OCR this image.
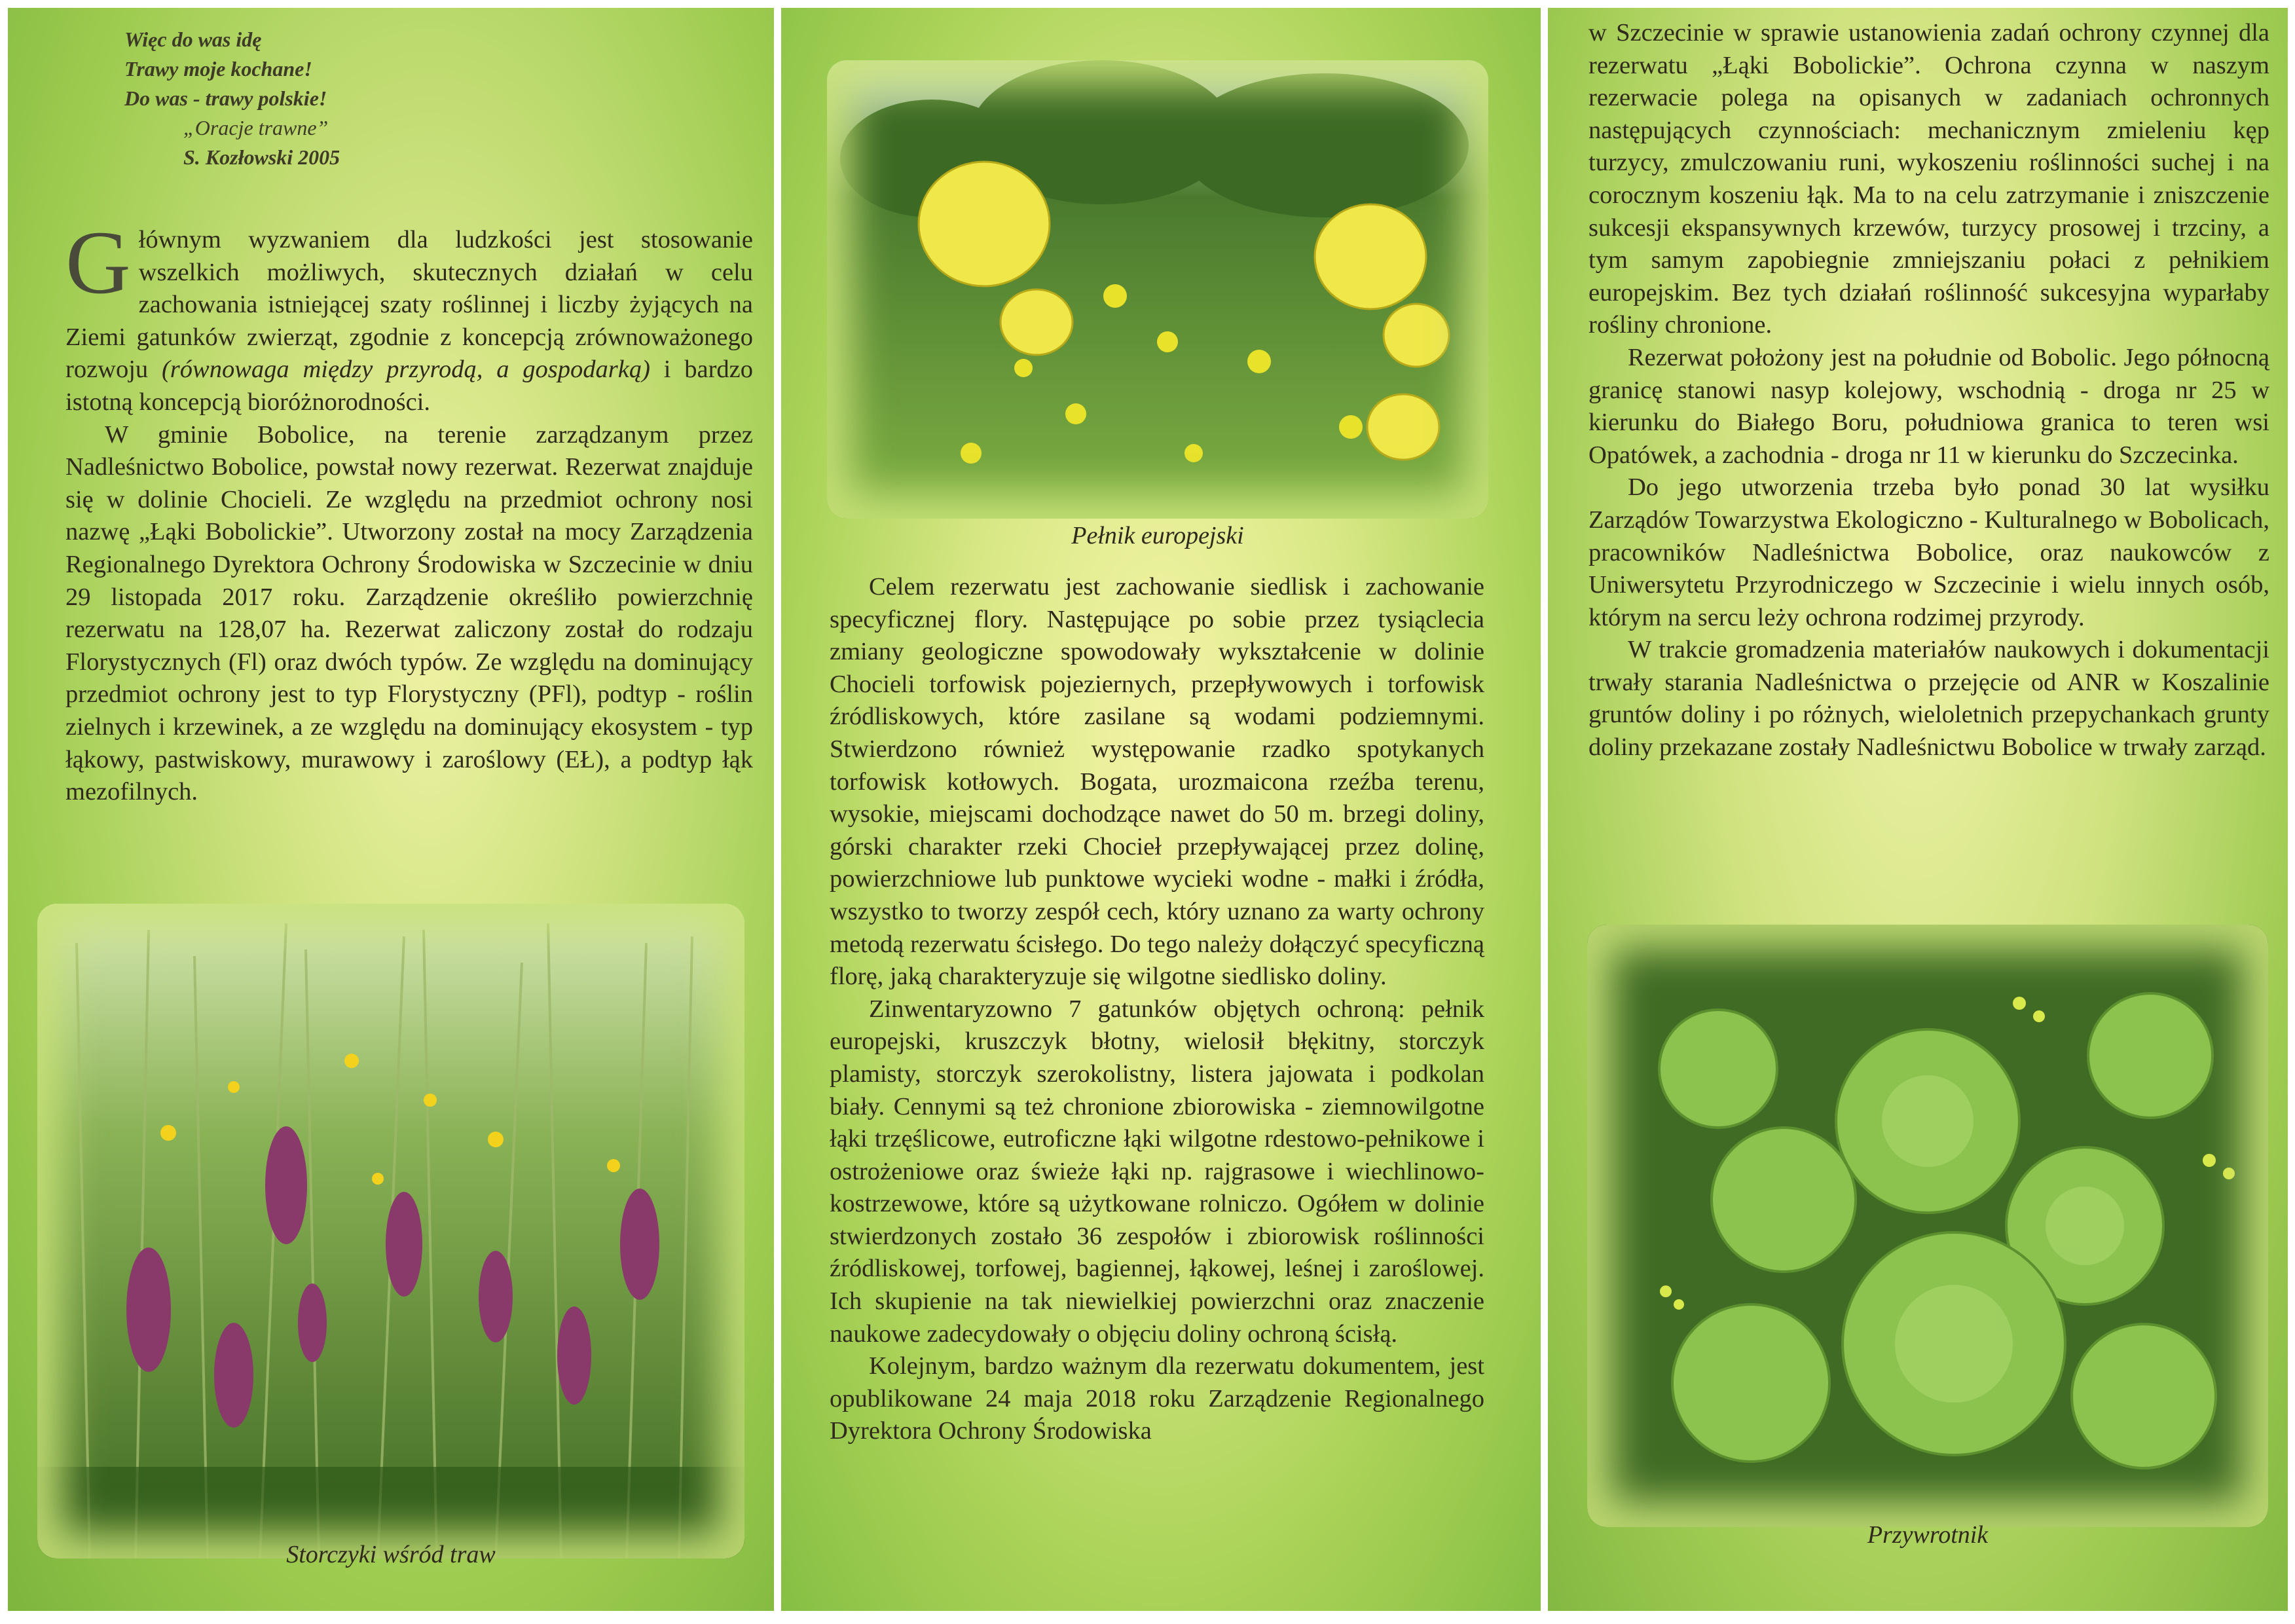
Więc do was idę
Trawy moje kochane!
Do was - trawy polskie!
„Oracje trawne”
S. Kozłowski 2005

Głównym wyzwaniem dla ludzkości jest stosowanie wszelkich możliwych, skutecznych działań w celu zachowania istniejącej szaty roślinnej i liczby żyjących na Ziemi gatunków zwierząt, zgodnie z koncepcją zrównoważonego rozwoju (równowaga między przyrodą, a gospodarką) i bardzo istotną koncepcją bioróżnorodności.

W gminie Bobolice, na terenie zarządzanym przez Nadleśnictwo Bobolice, powstał nowy rezerwat. Rezerwat znajduje się w dolinie Chocieli. Ze względu na przedmiot ochrony nosi nazwę „Łąki Bobolickie”. Utworzony został na mocy Zarządzenia Regionalnego Dyrektora Ochrony Środowiska w Szczecinie w dniu 29 listopada 2017 roku. Zarządzenie określiło powierzchnię rezerwatu na 128,07 ha. Rezerwat zaliczony został do rodzaju Florystycznych (Fl) oraz dwóch typów. Ze względu na dominujący przedmiot ochrony jest to typ Florystyczny (PFl), podtyp - roślin zielnych i krzewinek, a ze względu na dominujący ekosystem - typ łąkowy, pastwiskowy, murawowy i zaroślowy (EŁ), a podtyp łąk mezofilnych.

Storczyki wśród traw
Pełnik europejski

Celem rezerwatu jest zachowanie siedlisk i zachowanie specyficznej flory. Następujące po sobie przez tysiąclecia zmiany geologiczne spowodowały wykształcenie w dolinie Chocieli torfowisk pojeziernych, przepływowych i torfowisk źródliskowych, które zasilane są wodami podziemnymi. Stwierdzono również występowanie rzadko spotykanych torfowisk kotłowych. Bogata, urozmaicona rzeźba terenu, wysokie, miejscami dochodzące nawet do 50 m. brzegi doliny, górski charakter rzeki Chocieł przepływającej przez dolinę, powierzchniowe lub punktowe wycieki wodne - małki i źródła, wszystko to tworzy zespół cech, który uznano za warty ochrony metodą rezerwatu ścisłego. Do tego należy dołączyć specyficzną florę, jaką charakteryzuje się wilgotne siedlisko doliny.

Zinwentaryzowno 7 gatunków objętych ochroną: pełnik europejski, kruszczyk błotny, wielosił błękitny, storczyk plamisty, storczyk szerokolistny, listera jajowata i podkolan biały. Cennymi są też chronione zbiorowiska - ziemnowilgotne łąki trzęślicowe, eutroficzne łąki wilgotne rdestowo-pełnikowe i ostrożeniowe oraz świeże łąki np. rajgrasowe i wiechlinowo-kostrzewowe, które są użytkowane rolniczo. Ogółem w dolinie stwierdzonych zostało 36 zespołów i zbiorowisk roślinności źródliskowej, torfowej, bagiennej, łąkowej, leśnej i zaroślowej. Ich skupienie na tak niewielkiej powierzchni oraz znaczenie naukowe zadecydowały o objęciu doliny ochroną ścisłą.

Kolejnym, bardzo ważnym dla rezerwatu dokumentem, jest opublikowane 24 maja 2018 roku Zarządzenie Regionalnego Dyrektora Ochrony Środowiska

w Szczecinie w sprawie ustanowienia zadań ochrony czynnej dla rezerwatu „Łąki Bobolickie”. Ochrona czynna w naszym rezerwacie polega na opisanych w zadaniach ochronnych następujących czynnościach: mechanicznym zmieleniu kęp turzycy, zmulczowaniu runi, wykoszeniu roślinności suchej i na corocznym koszeniu łąk. Ma to na celu zatrzymanie i zniszczenie sukcesji ekspansywnych krzewów, turzycy prosowej i trzciny, a tym samym zapobiegnie zmniejszaniu połaci z pełnikiem europejskim. Bez tych działań roślinność sukcesyjna wyparłaby rośliny chronione.

Rezerwat położony jest na południe od Bobolic. Jego północną granicę stanowi nasyp kolejowy, wschodnią - droga nr 25 w kierunku do Białego Boru, południowa granica to teren wsi Opatówek, a zachodnia - droga nr 11 w kierunku do Szczecinka.

Do jego utworzenia trzeba było ponad 30 lat wysiłku Zarządów Towarzystwa Ekologiczno - Kulturalnego w Bobolicach, pracowników Nadleśnictwa Bobolice, oraz naukowców z Uniwersytetu Przyrodniczego w Szczecinie i wielu innych osób, którym na sercu leży ochrona rodzimej przyrody.

W trakcie gromadzenia materiałów naukowych i dokumentacji trwały starania Nadleśnictwa o przejęcie od ANR w Koszalinie gruntów doliny i po różnych, wieloletnich przepychankach grunty doliny przekazane zostały Nadleśnictwu Bobolice w trwały zarząd.

Przywrotnik
